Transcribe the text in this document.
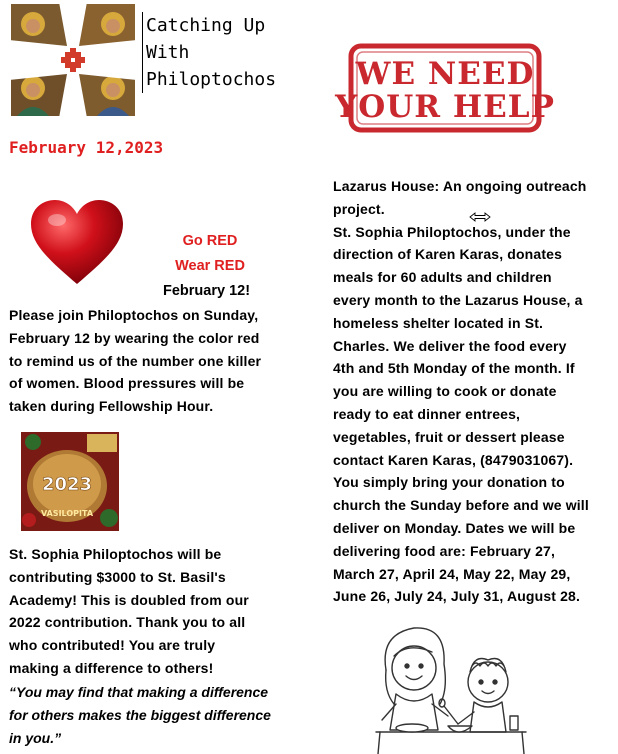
Catching Up
With
Philoptochos
February 12,2023
WE NEED
YOUR HELP
Go RED
Wear RED
February 12!
Please join Philoptochos on Sunday,
February 12 by wearing the color red
to remind us of the number one killer
of women. Blood pressures will be
taken during Fellowship Hour.
2023
VASILOPITA
St. Sophia Philoptochos will be
contributing $3000 to St. Basil's
Academy! This is doubled from our
2022 contribution. Thank you to all
who contributed! You are truly
making a difference to others!
“You may find that making a difference
for others makes the biggest difference
in you.”
Lazarus House: An ongoing outreach
project.
St. Sophia Philoptochos, under the
direction of Karen Karas, donates
meals for 60 adults and children
every month to the Lazarus House, a
homeless shelter located in St.
Charles. We deliver the food every
4th and 5th Monday of the month. If
you are willing to cook or donate
ready to eat dinner entrees,
vegetables, fruit or dessert please
contact Karen Karas, (8479031067).
You simply bring your donation to
church the Sunday before and we will
deliver on Monday. Dates we will be
delivering food are: February 27,
March 27, April 24, May 22, May 29,
June 26, July 24, July 31, August 28.
